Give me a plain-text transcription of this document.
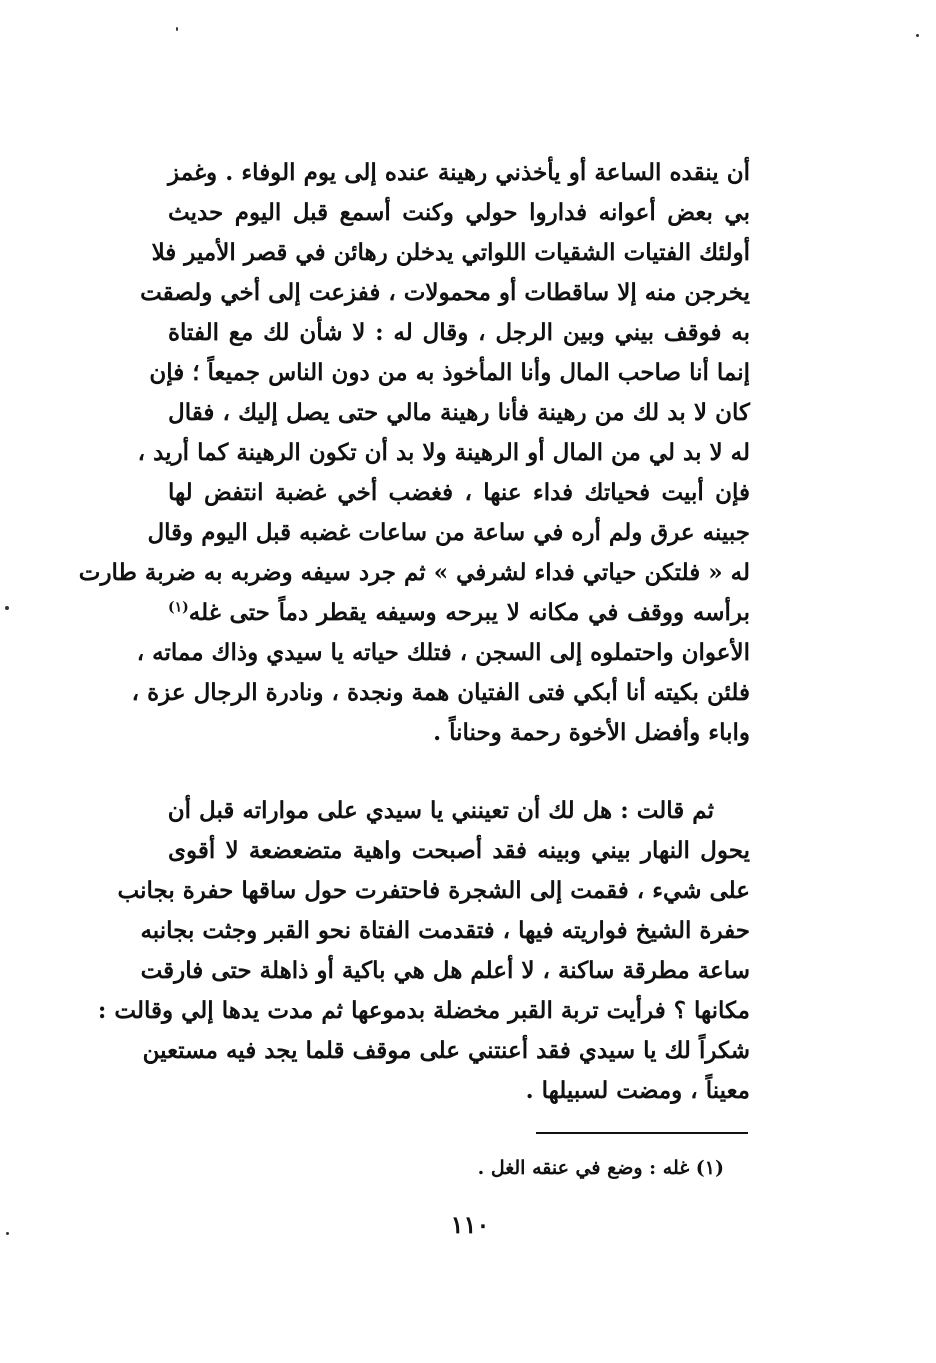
أن ينقده الساعة أو يأخذني رهينة عنده إلى يوم الوفاء . وغمز
بي بعض أعوانه فداروا حولي وكنت أسمع قبل اليوم حديث
أولئك الفتيات الشقيات اللواتي يدخلن رهائن في قصر الأمير فلا
يخرجن منه إلا ساقطات أو محمولات ، ففزعت إلى أخي ولصقت
به فوقف بيني وبين الرجل ، وقال له : لا شأن لك مع الفتاة
إنما أنا صاحب المال وأنا المأخوذ به من دون الناس جميعاً ؛ فإن
كان لا بد لك من رهينة فأنا رهينة مالي حتى يصل إليك ، فقال
له لا بد لي من المال أو الرهينة ولا بد أن تكون الرهينة كما أريد ،
فإن أبيت فحياتك فداء عنها ، فغضب أخي غضبة انتفض لها
جبينه عرق ولم أره في ساعة من ساعات غضبه قبل اليوم وقال
له « فلتكن حياتي فداء لشرفي » ثم جرد سيفه وضربه به ضربة طارت
برأسه ووقف في مكانه لا يبرحه وسيفه يقطر دماً حتى غله$^{(١)}$
الأعوان واحتملوه إلى السجن ، فتلك حياته يا سيدي وذاك مماته ،
فلئن بكيته أنا أبكي فتى الفتيان همة ونجدة ، ونادرة الرجال عزة ،
واباء وأفضل الأخوة رحمة وحناناً .
ثم قالت : هل لك أن تعينني يا سيدي على مواراته قبل أن
يحول النهار بيني وبينه فقد أصبحت واهية متضعضعة لا أقوى
على شيء ، فقمت إلى الشجرة فاحتفرت حول ساقها حفرة بجانب
حفرة الشيخ فواريته فيها ، فتقدمت الفتاة نحو القبر وجثت بجانبه
ساعة مطرقة ساكنة ، لا أعلم هل هي باكية أو ذاهلة حتى فارقت
مكانها ؟ فرأيت تربة القبر مخضلة بدموعها ثم مدت يدها إلي وقالت :
شكراً لك يا سيدي فقد أعنتني على موقف قلما يجد فيه مستعين
معيناً ، ومضت لسبيلها .
(١) غله : وضع في عنقه الغل .
١١٠
